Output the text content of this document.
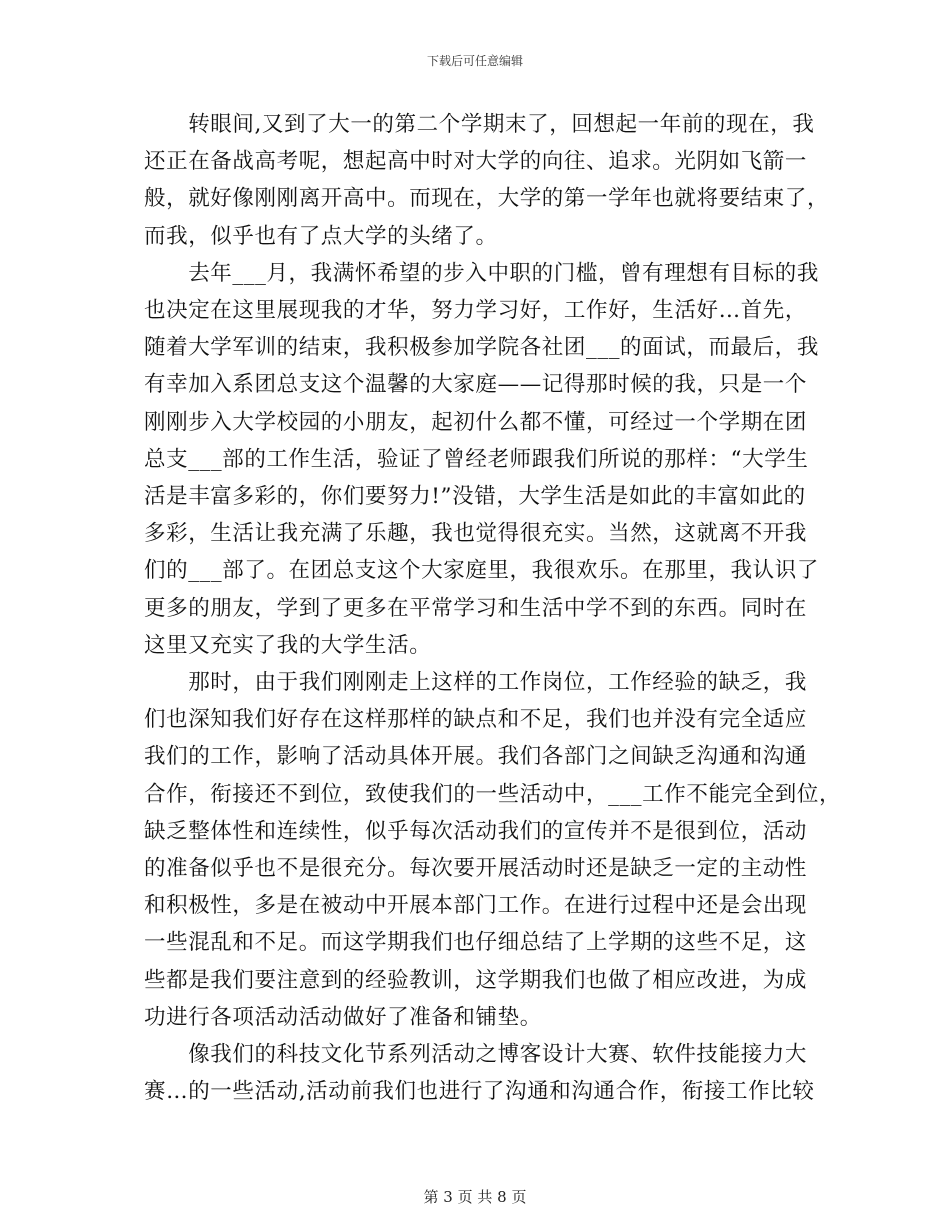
下载后可任意编辑

　　转眼间,又到了大一的第二个学期末了，回想起一年前的现在，我
还正在备战高考呢，想起高中时对大学的向往、追求。光阴如飞箭一
般，就好像刚刚离开高中。而现在，大学的第一学年也就将要结束了，
而我，似乎也有了点大学的头绪了。

　　去年___月，我满怀希望的步入中职的门槛，曾有理想有目标的我
也决定在这里展现我的才华，努力学习好，工作好，生活好…首先，
随着大学军训的结束，我积极参加学院各社团___的面试，而最后，我
有幸加入系团总支这个温馨的大家庭——记得那时候的我，只是一个
刚刚步入大学校园的小朋友，起初什么都不懂，可经过一个学期在团
总支___部的工作生活，验证了曾经老师跟我们所说的那样：“大学生
活是丰富多彩的，你们要努力!”没错，大学生活是如此的丰富如此的
多彩，生活让我充满了乐趣，我也觉得很充实。当然，这就离不开我
们的___部了。在团总支这个大家庭里，我很欢乐。在那里，我认识了
更多的朋友，学到了更多在平常学习和生活中学不到的东西。同时在
这里又充实了我的大学生活。

　　那时，由于我们刚刚走上这样的工作岗位，工作经验的缺乏，我
们也深知我们好存在这样那样的缺点和不足，我们也并没有完全适应
我们的工作，影响了活动具体开展。我们各部门之间缺乏沟通和沟通
合作，衔接还不到位，致使我们的一些活动中，___工作不能完全到位，
缺乏整体性和连续性，似乎每次活动我们的宣传并不是很到位，活动
的准备似乎也不是很充分。每次要开展活动时还是缺乏一定的主动性
和积极性，多是在被动中开展本部门工作。在进行过程中还是会出现
一些混乱和不足。而这学期我们也仔细总结了上学期的这些不足，这
些都是我们要注意到的经验教训，这学期我们也做了相应改进，为成
功进行各项活动活动做好了准备和铺垫。

　　像我们的科技文化节系列活动之博客设计大赛、软件技能接力大
赛…的一些活动,活动前我们也进行了沟通和沟通合作，衔接工作比较

第 3 页 共 8 页
